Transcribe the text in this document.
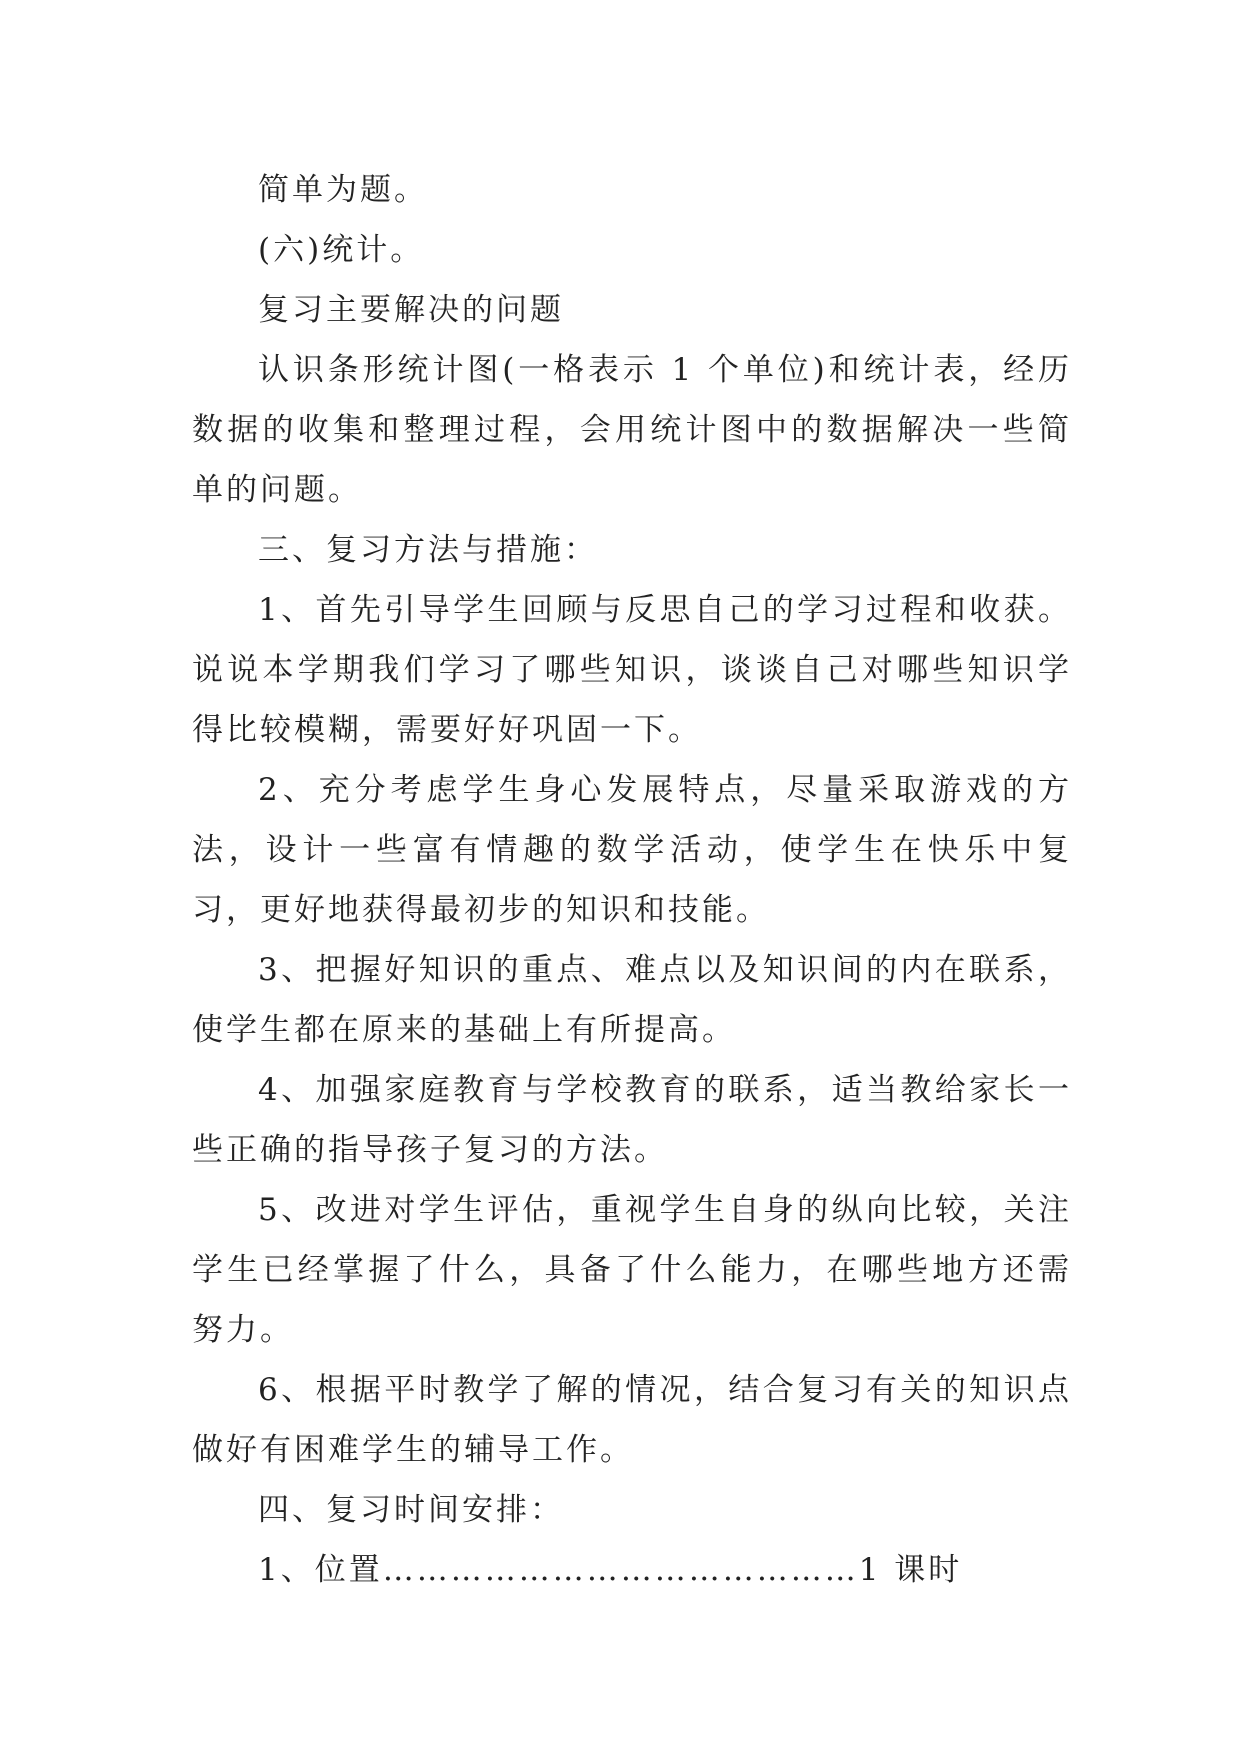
简单为题。

(六)统计。

复习主要解决的问题

认识条形统计图(一格表示 1 个单位)和统计表，经历数据的收集和整理过程，会用统计图中的数据解决一些简单的问题。

三、复习方法与措施：

1、首先引导学生回顾与反思自己的学习过程和收获。说说本学期我们学习了哪些知识，谈谈自己对哪些知识学得比较模糊，需要好好巩固一下。

2、充分考虑学生身心发展特点，尽量采取游戏的方法，设计一些富有情趣的数学活动，使学生在快乐中复习，更好地获得最初步的知识和技能。

3、把握好知识的重点、难点以及知识间的内在联系，使学生都在原来的基础上有所提高。

4、加强家庭教育与学校教育的联系，适当教给家长一些正确的指导孩子复习的方法。

5、改进对学生评估，重视学生自身的纵向比较，关注学生已经掌握了什么，具备了什么能力，在哪些地方还需努力。

6、根据平时教学了解的情况，结合复习有关的知识点做好有困难学生的辅导工作。

四、复习时间安排：

1、位置……………………………………1 课时
